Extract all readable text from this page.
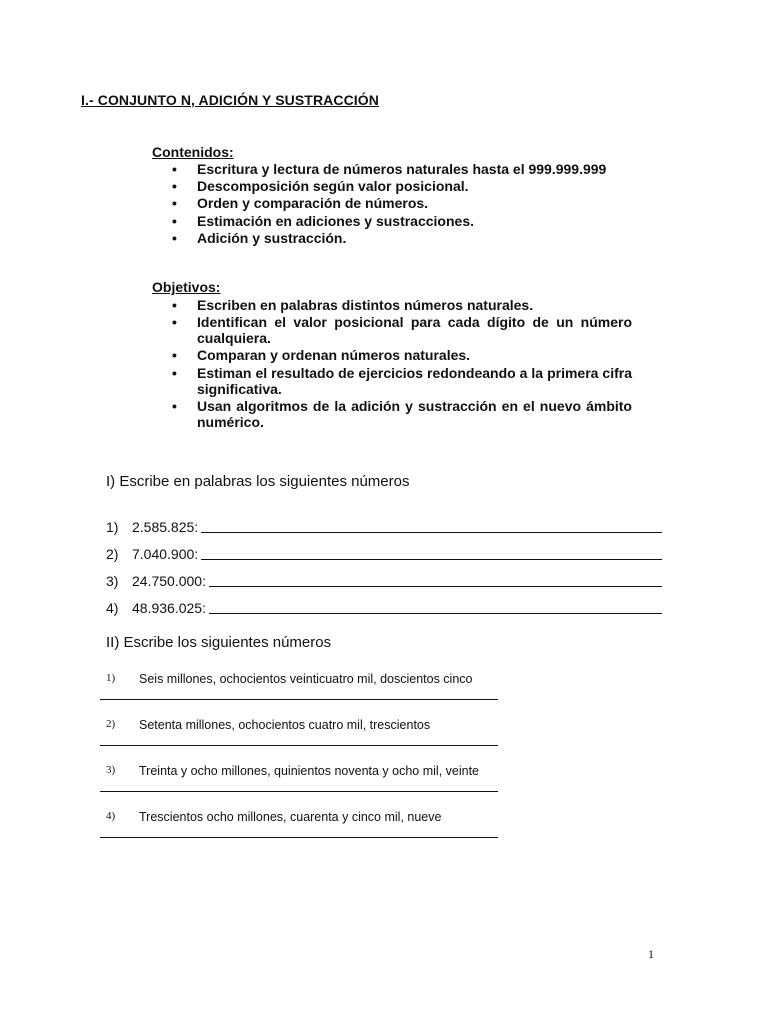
I.- CONJUNTO N, ADICIÓN Y SUSTRACCIÓN
Contenidos:
• Escritura y lectura de números naturales hasta el 999.999.999
• Descomposición según valor posicional.
• Orden y comparación de números.
• Estimación en adiciones y sustracciones.
• Adición y sustracción.
Objetivos:
• Escriben en palabras distintos números naturales.
• Identifican el valor posicional para cada dígito de un número cualquiera.
• Comparan y ordenan números naturales.
• Estiman el resultado de ejercicios redondeando a la primera cifra significativa.
• Usan algoritmos de la adición y sustracción en el nuevo ámbito numérico.
I) Escribe en palabras los siguientes números
1) 2.585.825:
2) 7.040.900:
3) 24.750.000:
4) 48.936.025:
II) Escribe los siguientes números
1)	Seis millones, ochocientos veinticuatro mil, doscientos cinco
2)	Setenta millones, ochocientos cuatro mil, trescientos
3)	Treinta y ocho millones, quinientos noventa y ocho mil, veinte
4)	Trescientos ocho millones, cuarenta y cinco mil, nueve
1
